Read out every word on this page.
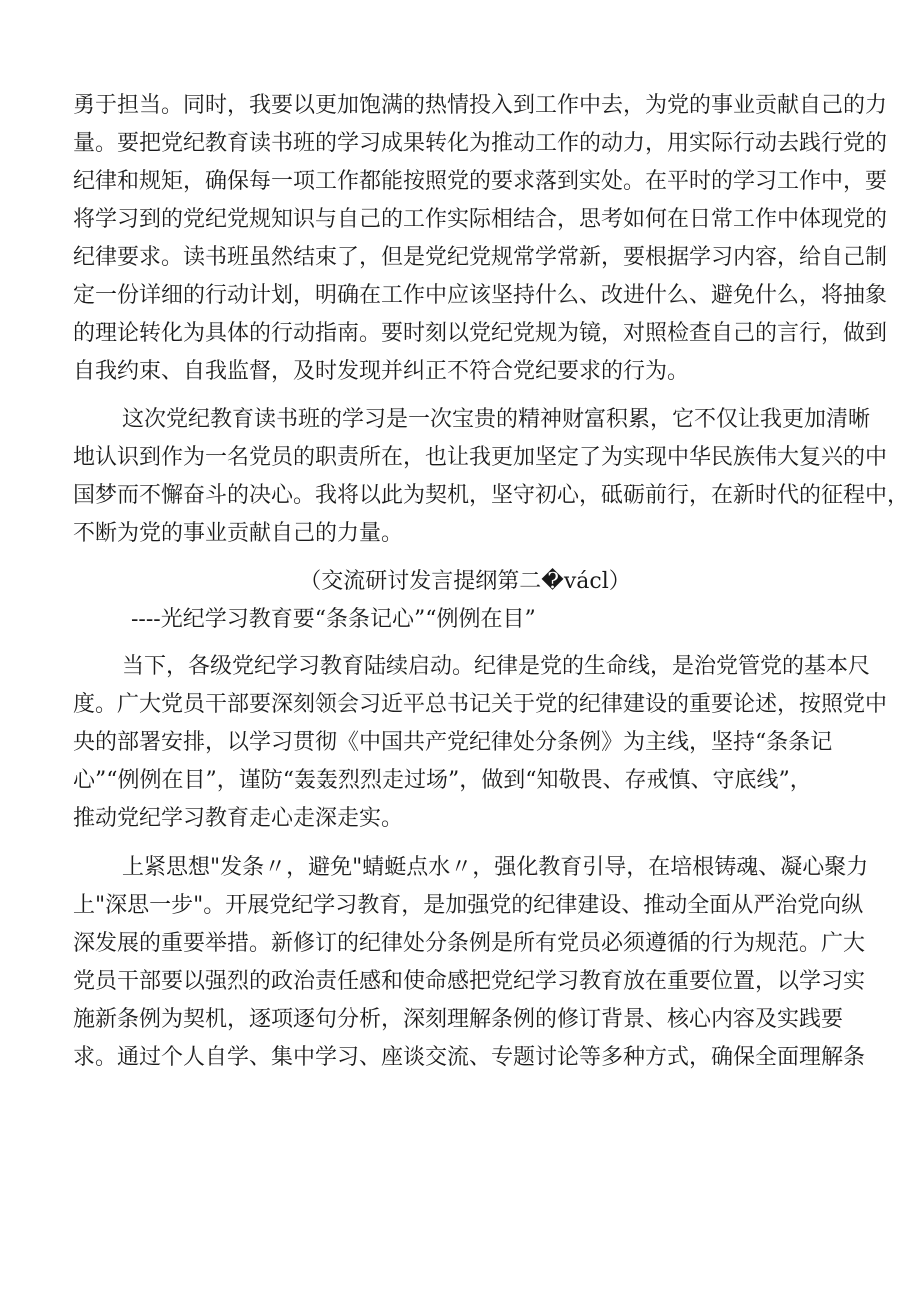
勇于担当。同时，我要以更加饱满的热情投入到工作中去，为党的事业贡献自己的力
量。要把党纪教育读书班的学习成果转化为推动工作的动力，用实际行动去践行党的
纪律和规矩，确保每一项工作都能按照党的要求落到实处。在平时的学习工作中，要
将学习到的党纪党规知识与自己的工作实际相结合，思考如何在日常工作中体现党的
纪律要求。读书班虽然结束了，但是党纪党规常学常新，要根据学习内容，给自己制
定一份详细的行动计划，明确在工作中应该坚持什么、改进什么、避免什么，将抽象
的理论转化为具体的行动指南。要时刻以党纪党规为镜，对照检查自己的言行，做到
自我约束、自我监督，及时发现并纠正不符合党纪要求的行为。
这次党纪教育读书班的学习是一次宝贵的精神财富积累，它不仅让我更加清晰
地认识到作为一名党员的职责所在，也让我更加坚定了为实现中华民族伟大复兴的中
国梦而不懈奋斗的决心。我将以此为契机，坚守初心，砥砺前行，在新时代的征程中，
不断为党的事业贡献自己的力量。
（交流研讨发言提纲第二�václ）
----光纪学习教育要“条条记心”“例例在目”
当下，各级党纪学习教育陆续启动。纪律是党的生命线，是治党管党的基本尺
度。广大党员干部要深刻领会习近平总书记关于党的纪律建设的重要论述，按照党中
央的部署安排，以学习贯彻《中国共产党纪律处分条例》为主线，坚持“条条记
心”“例例在目”，谨防“轰轰烈烈走过场”，做到“知敬畏、存戒慎、守底线”，
推动党纪学习教育走心走深走实。
上紧思想"发条〃，避免"蜻蜓点水〃，强化教育引导，在培根铸魂、凝心聚力
上"深思一步"。开展党纪学习教育，是加强党的纪律建设、推动全面从严治党向纵
深发展的重要举措。新修订的纪律处分条例是所有党员必须遵循的行为规范。广大
党员干部要以强烈的政治责任感和使命感把党纪学习教育放在重要位置，以学习实
施新条例为契机，逐项逐句分析，深刻理解条例的修订背景、核心内容及实践要
求。通过个人自学、集中学习、座谈交流、专题讨论等多种方式，确保全面理解条
